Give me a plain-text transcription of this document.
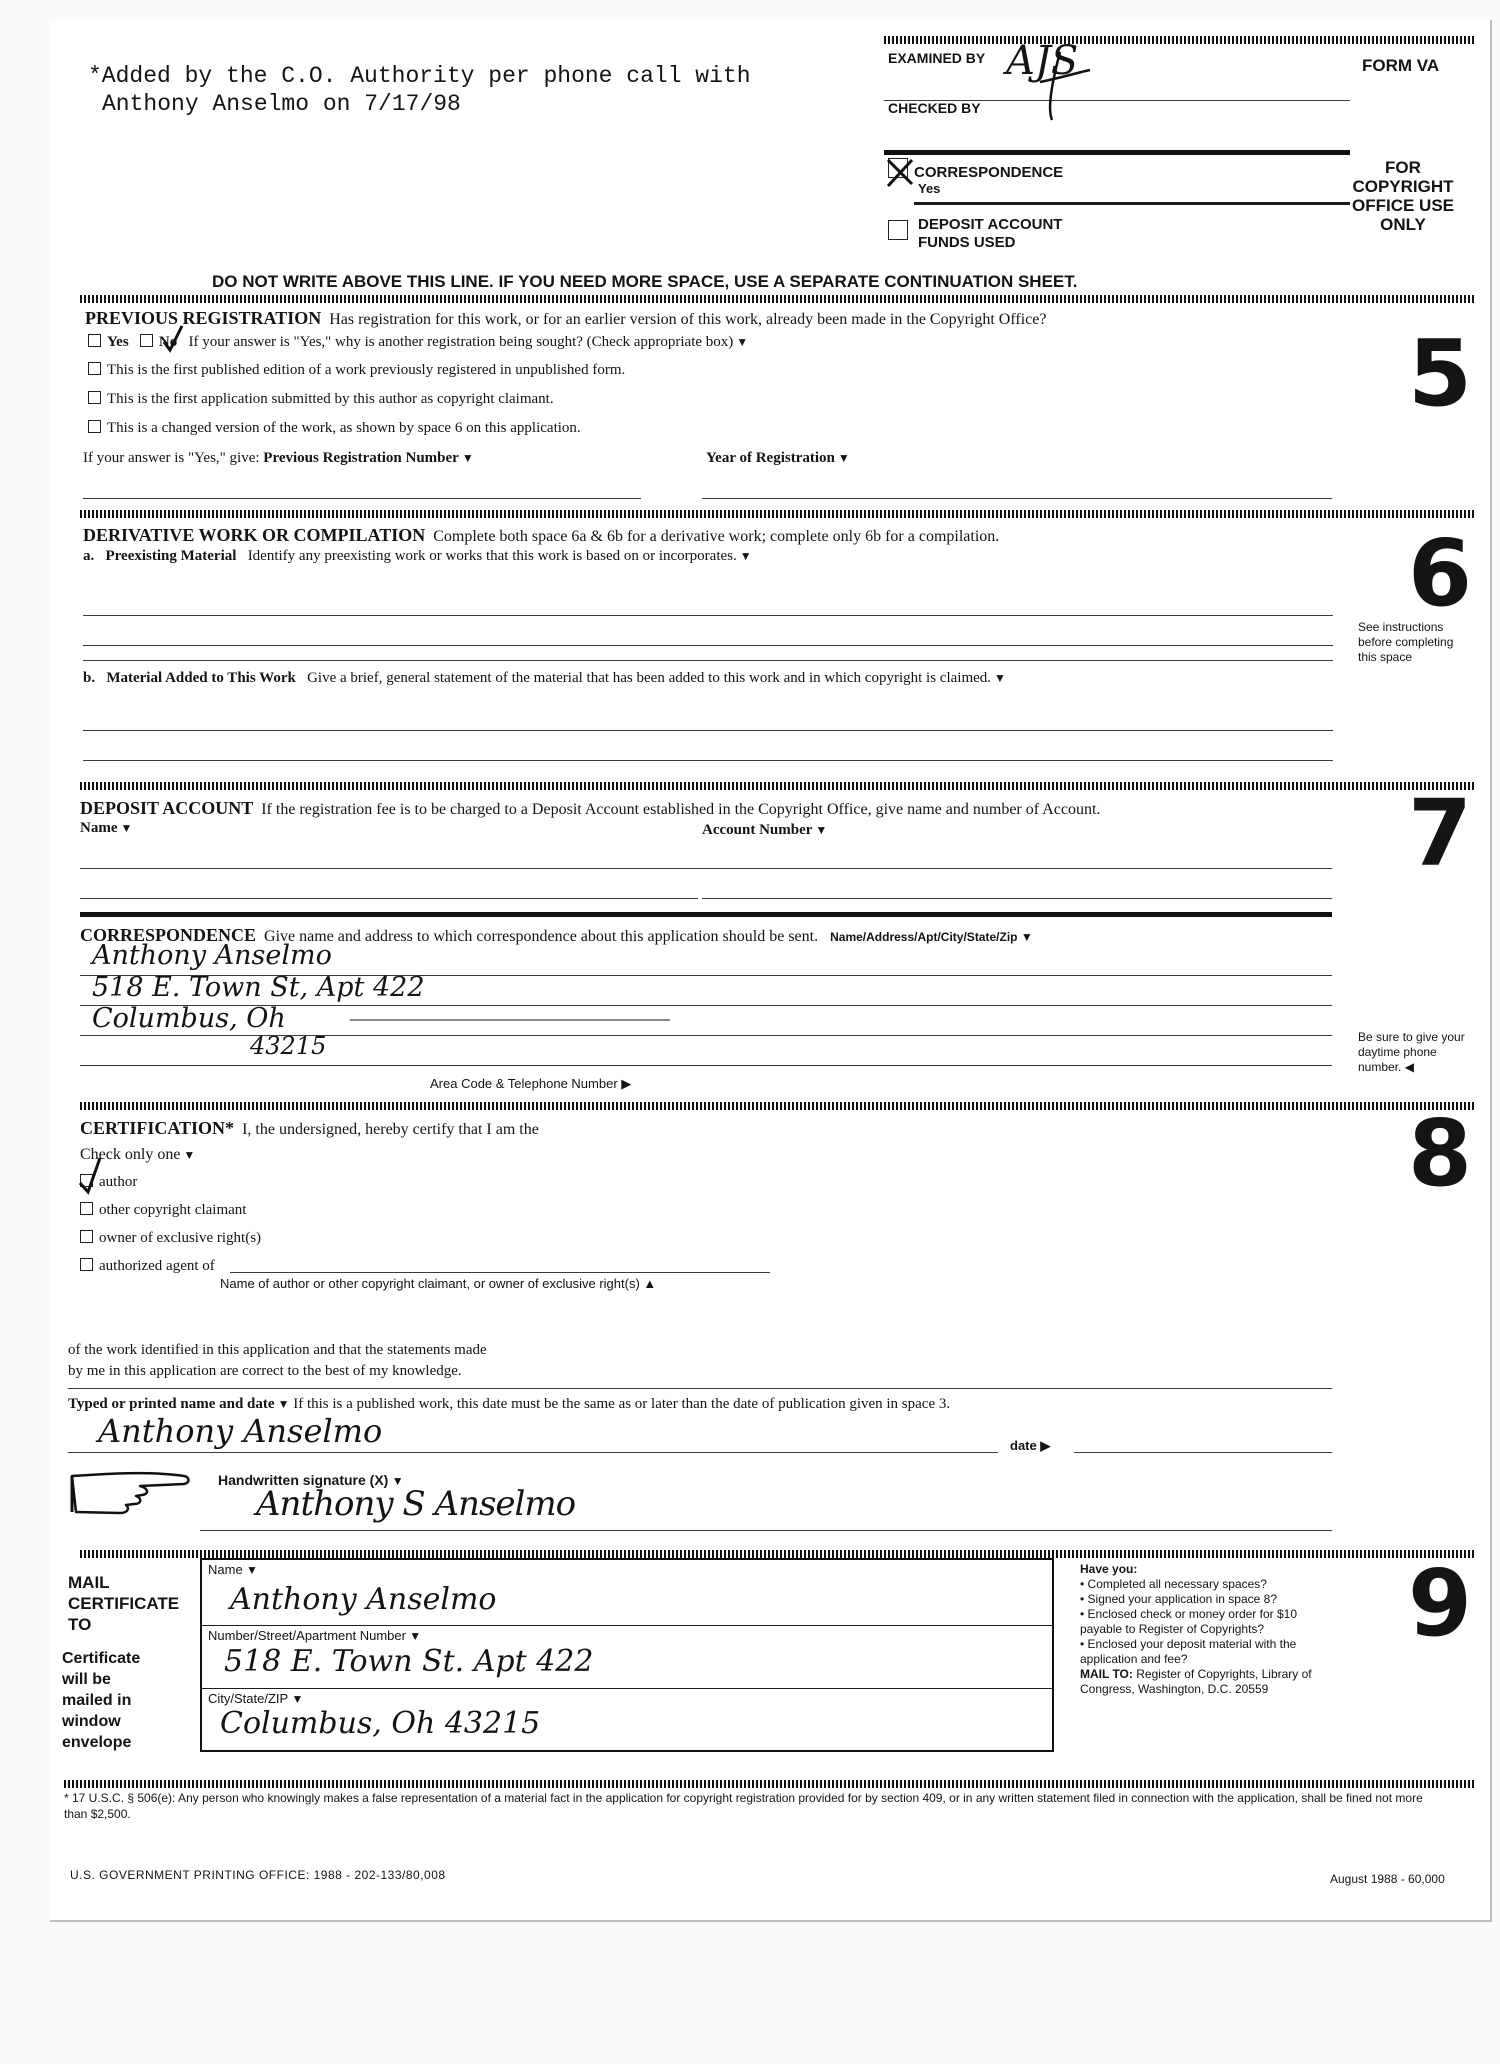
*Added by the C.O. Authority per phone call with
Anthony Anselmo on 7/17/98
EXAMINED BY AJS	FORM VA
CHECKED BY
CORRESPONDENCE
Yes
DEPOSIT ACCOUNT
FUNDS USED
FOR COPYRIGHT OFFICE USE ONLY
DO NOT WRITE ABOVE THIS LINE. IF YOU NEED MORE SPACE, USE A SEPARATE CONTINUATION SHEET.
PREVIOUS REGISTRATION Has registration for this work, or for an earlier version of this work, already been made in the Copyright Office?
Yes No If your answer is "Yes," why is another registration being sought? (Check appropriate box) ▼
This is the first published edition of a work previously registered in unpublished form.
This is the first application submitted by this author as copyright claimant.
This is a changed version of the work, as shown by space 6 on this application.
If your answer is "Yes," give: Previous Registration Number ▼	Year of Registration ▼
5
DERIVATIVE WORK OR COMPILATION Complete both space 6a & 6b for a derivative work; complete only 6b for a compilation.
a. Preexisting Material Identify any preexisting work or works that this work is based on or incorporates. ▼
b. Material Added to This Work Give a brief, general statement of the material that has been added to this work and in which copyright is claimed. ▼
6
See instructions before completing this space
DEPOSIT ACCOUNT If the registration fee is to be charged to a Deposit Account established in the Copyright Office, give name and number of Account.
Name ▼	Account Number ▼
CORRESPONDENCE Give name and address to which correspondence about this application should be sent. Name/Address/Apt/City/State/Zip ▼
Anthony Anselmo
518 E. Town St, Apt 422
Columbus, Oh
43215
Area Code & Telephone Number ▶
7
Be sure to give your daytime phone number. ◀
CERTIFICATION* I, the undersigned, hereby certify that I am the
Check only one ▼
author
other copyright claimant
owner of exclusive right(s)
authorized agent of
Name of author or other copyright claimant, or owner of exclusive right(s) ▲
of the work identified in this application and that the statements made
by me in this application are correct to the best of my knowledge.
Typed or printed name and date ▼ If this is a published work, this date must be the same as or later than the date of publication given in space 3.
Anthony Anselmo	date ▶
Handwritten signature (X) ▼
Anthony S Anselmo
8
MAIL CERTIFICATE TO
Certificate will be mailed in window envelope
Name ▼
Anthony Anselmo
Number/Street/Apartment Number ▼
518 E. Town St. Apt 422
City/State/ZIP ▼
Columbus, Oh 43215
Have you:
• Completed all necessary spaces?
• Signed your application in space 8?
• Enclosed check or money order for $10 payable to Register of Copyrights?
• Enclosed your deposit material with the application and fee?
MAIL TO: Register of Copyrights, Library of Congress, Washington, D.C. 20559
9
* 17 U.S.C. § 506(e): Any person who knowingly makes a false representation of a material fact in the application for copyright registration provided for by section 409, or in any written statement filed in connection with the application, shall be fined not more than $2,500.
U.S. GOVERNMENT PRINTING OFFICE: 1988 - 202-133/80,008	August 1988 - 60,000
